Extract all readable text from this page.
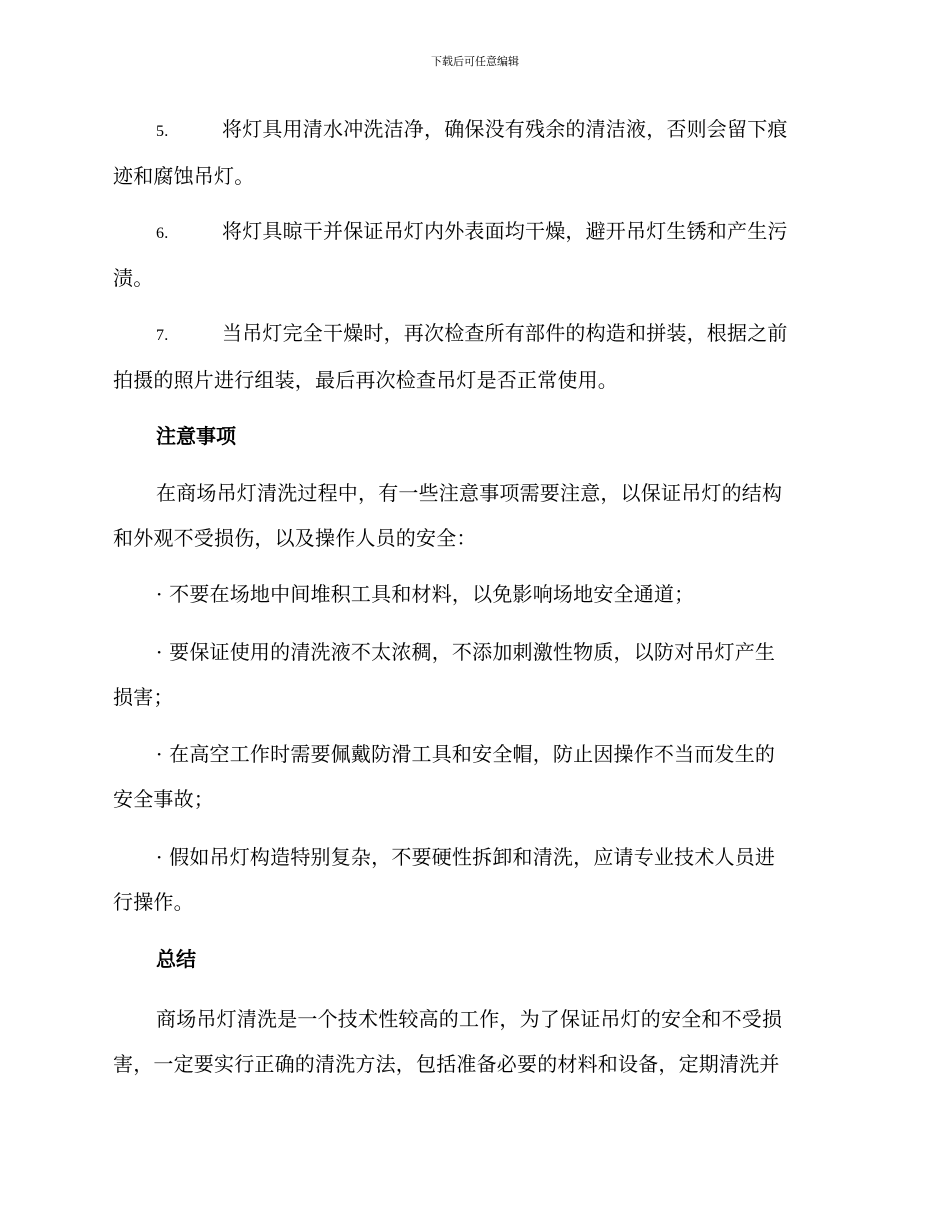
下载后可任意编辑

5.	将灯具用清水冲洗洁净，确保没有残余的清洁液，否则会留下痕
迹和腐蚀吊灯。

6.	将灯具晾干并保证吊灯内外表面均干燥，避开吊灯生锈和产生污
渍。

7.	当吊灯完全干燥时，再次检查所有部件的构造和拼装，根据之前
拍摄的照片进行组装，最后再次检查吊灯是否正常使用。

注意事项

在商场吊灯清洗过程中，有一些注意事项需要注意，以保证吊灯的结构
和外观不受损伤，以及操作人员的安全：

· 不要在场地中间堆积工具和材料，以免影响场地安全通道；

· 要保证使用的清洗液不太浓稠，不添加刺激性物质，以防对吊灯产生
损害；

· 在高空工作时需要佩戴防滑工具和安全帽，防止因操作不当而发生的
安全事故；

· 假如吊灯构造特别复杂，不要硬性拆卸和清洗，应请专业技术人员进
行操作。

总结

商场吊灯清洗是一个技术性较高的工作，为了保证吊灯的安全和不受损
害，一定要实行正确的清洗方法，包括准备必要的材料和设备，定期清洗并
